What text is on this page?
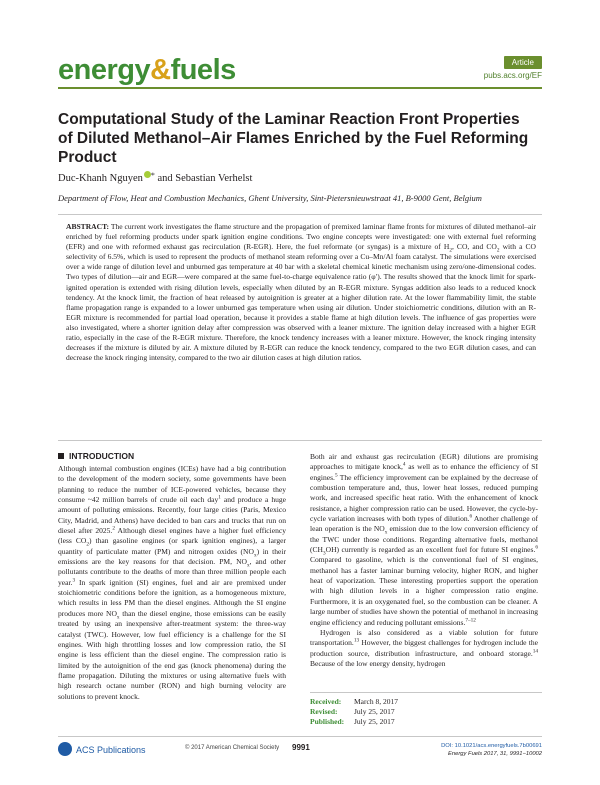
energy&fuels	Article
pubs.acs.org/EF
Computational Study of the Laminar Reaction Front Properties of Diluted Methanol–Air Flames Enriched by the Fuel Reforming Product
Duc-Khanh Nguyen * and Sebastian Verhelst
Department of Flow, Heat and Combustion Mechanics, Ghent University, Sint-Pietersnieuwstraat 41, B-9000 Gent, Belgium
ABSTRACT: The current work investigates the flame structure and the propagation of premixed laminar flame fronts for mixtures of diluted methanol–air enriched by fuel reforming products under spark ignition engine conditions. Two engine concepts were investigated: one with external fuel reforming (EFR) and one with reformed exhaust gas recirculation (R-EGR). Here, the fuel reformate (or syngas) is a mixture of $H_2$, CO, and $CO_2$ with a CO selectivity of 6.5%, which is used to represent the products of methanol steam reforming over a Cu–Mn/Al foam catalyst. The simulations were exercised over a wide range of dilution level and unburned gas temperature at 40 bar with a skeletal chemical kinetic mechanism using zero/one-dimensional codes. Two types of dilution—air and EGR—were compared at the same fuel-to-charge equivalence ratio (φ′). The results showed that the knock limit for spark-ignited operation is extended with rising dilution levels, especially when diluted by an R-EGR mixture. Syngas addition also leads to a reduced knock tendency. At the knock limit, the fraction of heat released by autoignition is greater at a higher dilution rate. At the lower flammability limit, the stable flame propagation range is expanded to a lower unburned gas temperature when using air dilution. Under stoichiometric conditions, dilution with an R-EGR mixture is recommended for partial load operation, because it provides a stable flame at high dilution levels. The influence of gas properties were also investigated, where a shorter ignition delay after compression was observed with a leaner mixture. The ignition delay increased with a higher EGR ratio, especially in the case of the R-EGR mixture. Therefore, the knock tendency increases with a leaner mixture. However, the knock ringing intensity decreases if the mixture is diluted by air. A mixture diluted by R-EGR can reduce the knock tendency, compared to the two EGR dilution cases, and can decrease the knock ringing intensity, compared to the two air dilution cases at high dilution ratios.
INTRODUCTION

Although internal combustion engines (ICEs) have had a big contribution to the development of the modern society, some governments have been planning to reduce the number of ICE-powered vehicles, because they consume ~42 million barrels of crude oil each day$^1$ and produce a huge amount of polluting emissions. Recently, four large cities (Paris, Mexico City, Madrid, and Athens) have decided to ban cars and trucks that run on diesel after 2025.$^2$ Although diesel engines have a higher fuel efficiency (less $CO_2$) than gasoline engines (or spark ignition engines), a larger quantity of particulate matter (PM) and nitrogen oxides $(NO_x)$ in their emissions are the key reasons for that decision. PM, $NO_x$, and other pollutants contribute to the deaths of more than three million people each year.$^3$ In spark ignition (SI) engines, fuel and air are premixed under stoichiometric conditions before the ignition, as a homogeneous mixture, which results in less PM than the diesel engines. Although the SI engine produces more $NO_x$ than the diesel engine, those emissions can be easily treated by using an inexpensive after-treatment system: the three-way catalyst (TWC). However, low fuel efficiency is a challenge for the SI engines. With high throttling losses and low compression ratio, the SI engine is less efficient than the diesel engine. The compression ratio is limited by the autoignition of the end gas (knock phenomena) during the flame propagation. Diluting the mixtures or using alternative fuels with high research octane number (RON) and high burning velocity are solutions to prevent knock.

Both air and exhaust gas recirculation (EGR) dilutions are promising approaches to mitigate knock,$^4$ as well as to enhance the efficiency of SI engines.$^5$ The efficiency improvement can be explained by the decrease of combustion temperature and, thus, lower heat losses, reduced pumping work, and increased specific heat ratio. With the enhancement of knock resistance, a higher compression ratio can be used. However, the cycle-by-cycle variation increases with both types of dilution.$^6$ Another challenge of lean operation is the $NO_x$ emission due to the low conversion efficiency of the TWC under those conditions. Regarding alternative fuels, methanol $(CH_3OH)$ currently is regarded as an excellent fuel for future SI engines.$^6$ Compared to gasoline, which is the conventional fuel of SI engines, methanol has a faster laminar burning velocity, higher RON, and higher heat of vaporization. These interesting properties support the operation with high dilution levels in a higher compression ratio engine. Furthermore, it is an oxygenated fuel, so the combustion can be cleaner. A large number of studies have shown the potential of methanol in increasing engine efficiency and reducing pollutant emissions.$^{7-12}$

Hydrogen is also considered as a viable solution for future transportation.$^{13}$ However, the biggest challenges for hydrogen include the production source, distribution infrastructure, and onboard storage.$^{14}$ Because of the low energy density, hydrogen

Received: March 8, 2017
Revised: July 25, 2017
Published: July 25, 2017
ACS Publications	© 2017 American Chemical Society 9991	DOI: 10.1021/acs.energyfuels.7b00691
Energy Fuels 2017, 31, 9991−10002
